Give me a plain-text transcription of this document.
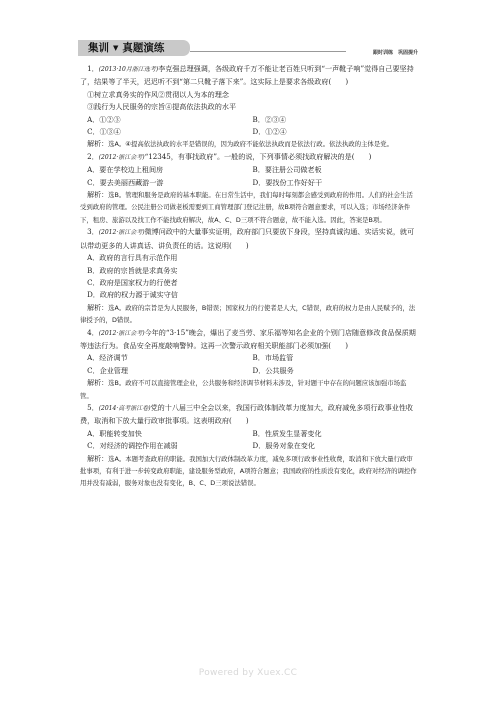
集训 ▼ 真题演练	跟时训练　巩固提升

1．(2013·10月浙江选考)李克强总理强调，各级政府千万不能让老百姓只听到“一声靴子响”觉得自己要坚持了，结果等了半天，迟迟听不到“第二只靴子落下来”。这实际上是要求各级政府(　　)

①树立求真务实的作风②贯彻以人为本的理念

③践行为人民服务的宗旨④提高依法执政的水平

A．①②③	B．②③④
C．①③④	D．①②④

解析：选A。④提高依法执政的水平是错误的，因为政府不能依法执政而是依法行政。依法执政的主体是党。

2．(2012·浙江会考)“12345，有事找政府”。一般的说，下列事情必须找政府解决的是(　　)

A．要在学校边上租间房	B．要注册公司做老板
C．要去美丽西藏游一游	D．要找份工作好好干

解析：选B。管理和服务是政府的基本职能。在日常生活中，我们每时每刻都会感受到政府的作用。人们的社会生活受到政府的管理。公民注册公司做老板需要到工商管理部门登记注册，故B项符合题意要求，可以入选；市场经济条件下，租房、旅游以及找工作不能找政府解决，故A、C、D三项不符合题意，故不能入选。因此，答案是B项。

3．(2012·浙江会考)微博问政中的大量事实证明，政府部门只要放下身段，坚持真诚沟通、实话实说，就可以带动更多的人讲真话、讲负责任的话。这说明(　　)

A．政府的言行具有示范作用

B．政府的宗旨就是求真务实

C．政府是国家权力的行使者

D．政府的权力源于诚实守信

解析：选A。政府的宗旨是为人民服务，B错误；国家权力的行使者是人大，C错误，政府的权力是由人民赋予的，法律授予的，D错误。

4．(2012·浙江会考)今年的“3·15”晚会，爆出了麦当劳、家乐福等知名企业的个别门店随意修改食品保质期等违法行为。食品安全再度敲响警钟。这再一次警示政府相关职能部门必须加强(　　)

A．经济调节	B．市场监管
C．企业管理	D．公共服务

解析：选B。政府不可以直接管理企业，公共服务和经济调节材料未涉及，针对题干中存在的问题应该加强市场监管。

5．(2014·高考浙江卷)党的十八届三中全会以来，我国行政体制改革力度加大，政府减免多项行政事业性收费，取消和下放大量行政审批事项。这表明政府(　　)

A．职能转变加快	B．性质发生显著变化
C．对经济的调控作用在减弱	D．服务对象在变化

解析：选A。本题考查政府的职能。我国加大行政体制改革力度，减免多项行政事业性收费，取消和下放大量行政审批事项，有利于进一步转变政府职能，建设服务型政府，A项符合题意；我国政府的性质没有变化，政府对经济的调控作用并没有减弱，服务对象也没有变化，B、C、D三项说法错误。

Powered by Xuex.CC
